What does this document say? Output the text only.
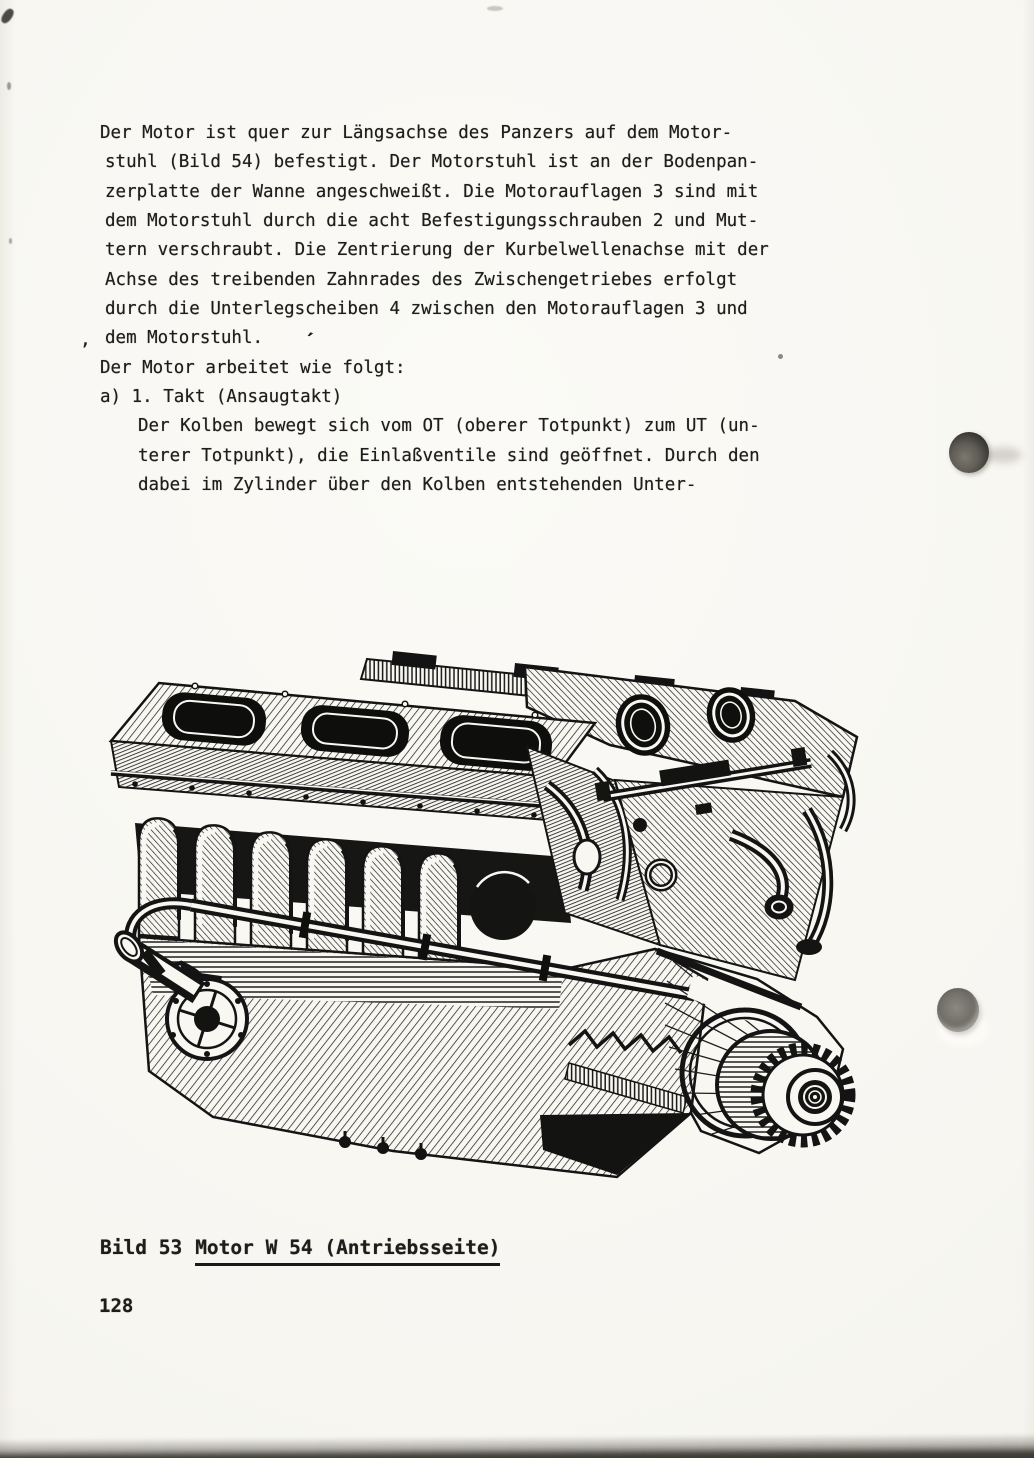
Der Motor ist quer zur Längsachse des Panzers auf dem Motor-
stuhl (Bild 54) befestigt. Der Motorstuhl ist an der Bodenpan-
zerplatte der Wanne angeschweißt. Die Motorauflagen 3 sind mit
dem Motorstuhl durch die acht Befestigungsschrauben 2 und Mut-
tern verschraubt. Die Zentrierung der Kurbelwellenachse mit der
Achse des treibenden Zahnrades des Zwischengetriebes erfolgt
durch die Unterlegscheiben 4 zwischen den Motorauflagen 3 und
dem Motorstuhl.
Der Motor arbeitet wie folgt:
a) 1. Takt (Ansaugtakt)
Der Kolben bewegt sich vom OT (oberer Totpunkt) zum UT (un-
terer Totpunkt), die Einlaßventile sind geöffnet. Durch den
dabei im Zylinder über den Kolben entstehenden Unter-
,	′
Bild 53 Motor W 54 (Antriebsseite)
128
